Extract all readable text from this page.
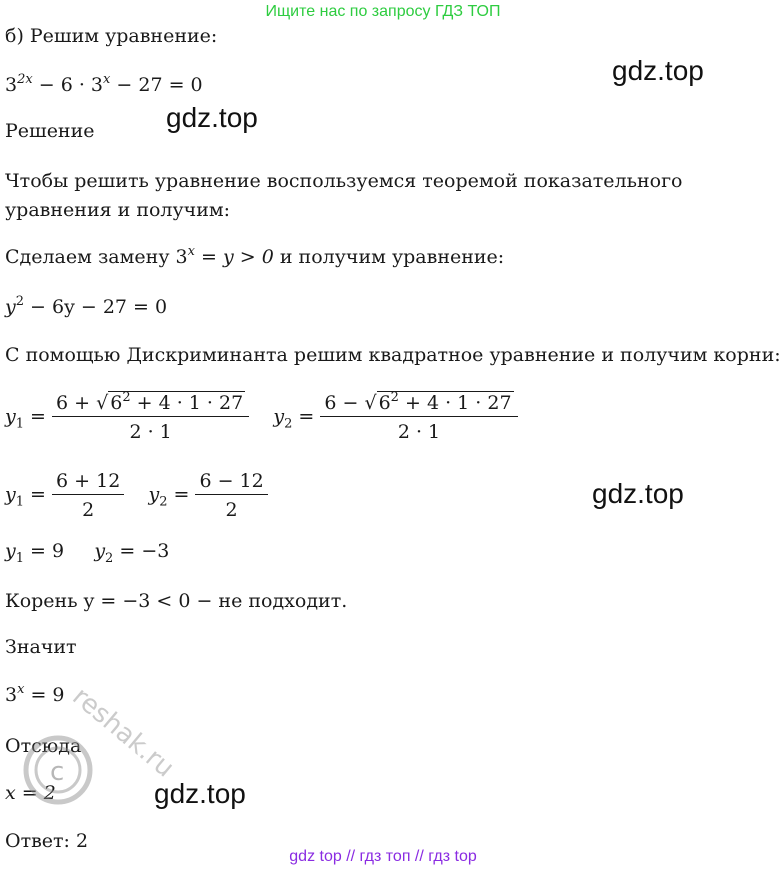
Ищите нас по запросу ГДЗ ТОП
б) Решим уравнение:
$3^{2x} - 6 \cdot 3^x - 27 = 0$	gdz.top
Решение	gdz.top
Чтобы решить уравнение воспользуемся теоремой показательного
уравнения и получим:
Сделаем замену $3^x = y > 0$ и получим уравнение:
$y^2 - 6y - 27 = 0$
С помощью Дискриминанта решим квадратное уравнение и получим корни:
$y_1 = \frac{6 + √ 6^2 + 4 \cdot 1 \cdot 27}{2 \cdot 1} y_2 = \frac{6 - √ 6^2 + 4 \cdot 1 \cdot 27}{2 \cdot 1}$
$y_1 = \frac{6 + 12}{2} y_2 = \frac{6 - 12}{2}$	gdz.top
$y_1 = 9$ $y_2 = -3$
Корень y = −3 < 0 − не подходит.
Значит
$3^x = 9$
Отсюда
x = 2	gdz.top
Ответ: 2
c reshak.ru
gdz top // гдз топ // гдз top
